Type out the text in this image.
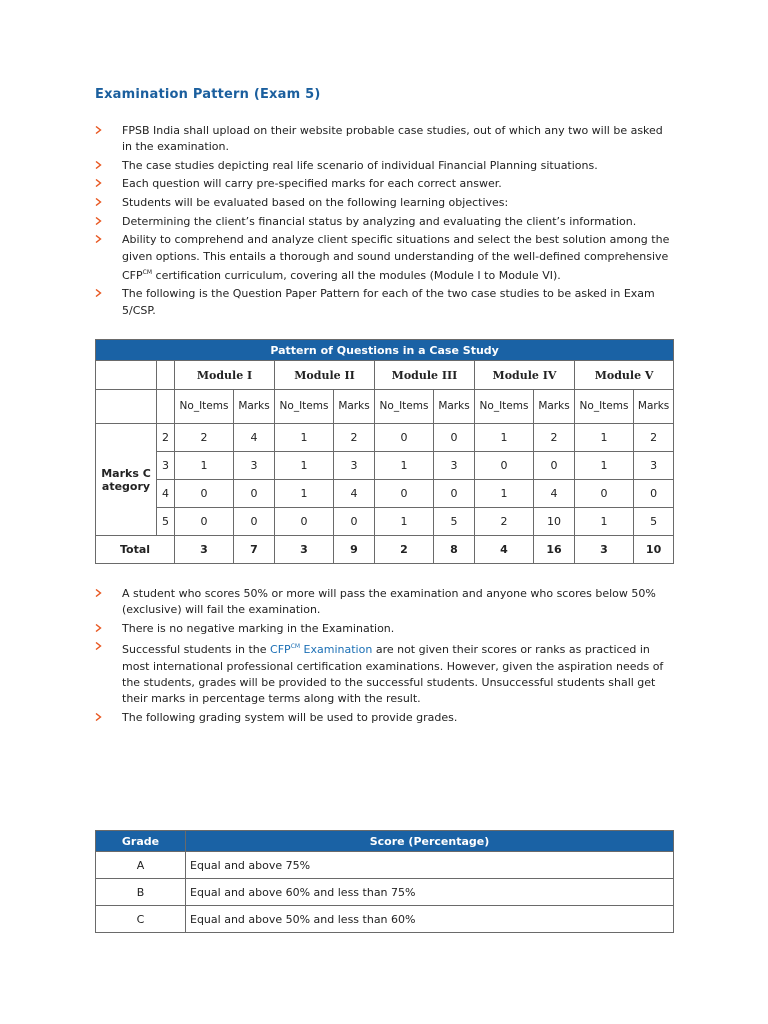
Examination Pattern (Exam 5)
FPSB India shall upload on their website probable case studies, out of which any two will be asked in the examination.
The case studies depicting real life scenario of individual Financial Planning situations.
Each question will carry pre-specified marks for each correct answer.
Students will be evaluated based on the following learning objectives:
Determining the client’s financial status by analyzing and evaluating the client’s information.
Ability to comprehend and analyze client specific situations and select the best solution among the given options. This entails a thorough and sound understanding of the well-defined comprehensive $CFP^{CM}$ certification curriculum, covering all the modules (Module I to Module VI).
The following is the Question Paper Pattern for each of the two case studies to be asked in Exam 5/CSP.
Pattern of Questions in a Case Study											
		Module I		Module II		Module III		Module IV		Module V	
		No_Items	Marks	No_Items	Marks	No_Items	Marks	No_Items	Marks	No_Items	Marks
Marks Category	2	2	4	1	2	0	0	1	2	1	2
	3	1	3	1	3	1	3	0	0	1	3
	4	0	0	1	4	0	0	1	4	0	0
	5	0	0	0	0	1	5	2	10	1	5
Total		3	7	3	9	2	8	4	16	3	10
A student who scores 50% or more will pass the examination and anyone who scores below 50% (exclusive) will fail the examination.
There is no negative marking in the Examination.
Successful students in the $CFP^{CM}$ Examination are not given their scores or ranks as practiced in most international professional certification examinations. However, given the aspiration needs of the students, grades will be provided to the successful students. Unsuccessful students shall get their marks in percentage terms along with the result.
The following grading system will be used to provide grades.
Grade	Score (Percentage)
A	Equal and above 75%
B	Equal and above 60% and less than 75%
C	Equal and above 50% and less than 60%
